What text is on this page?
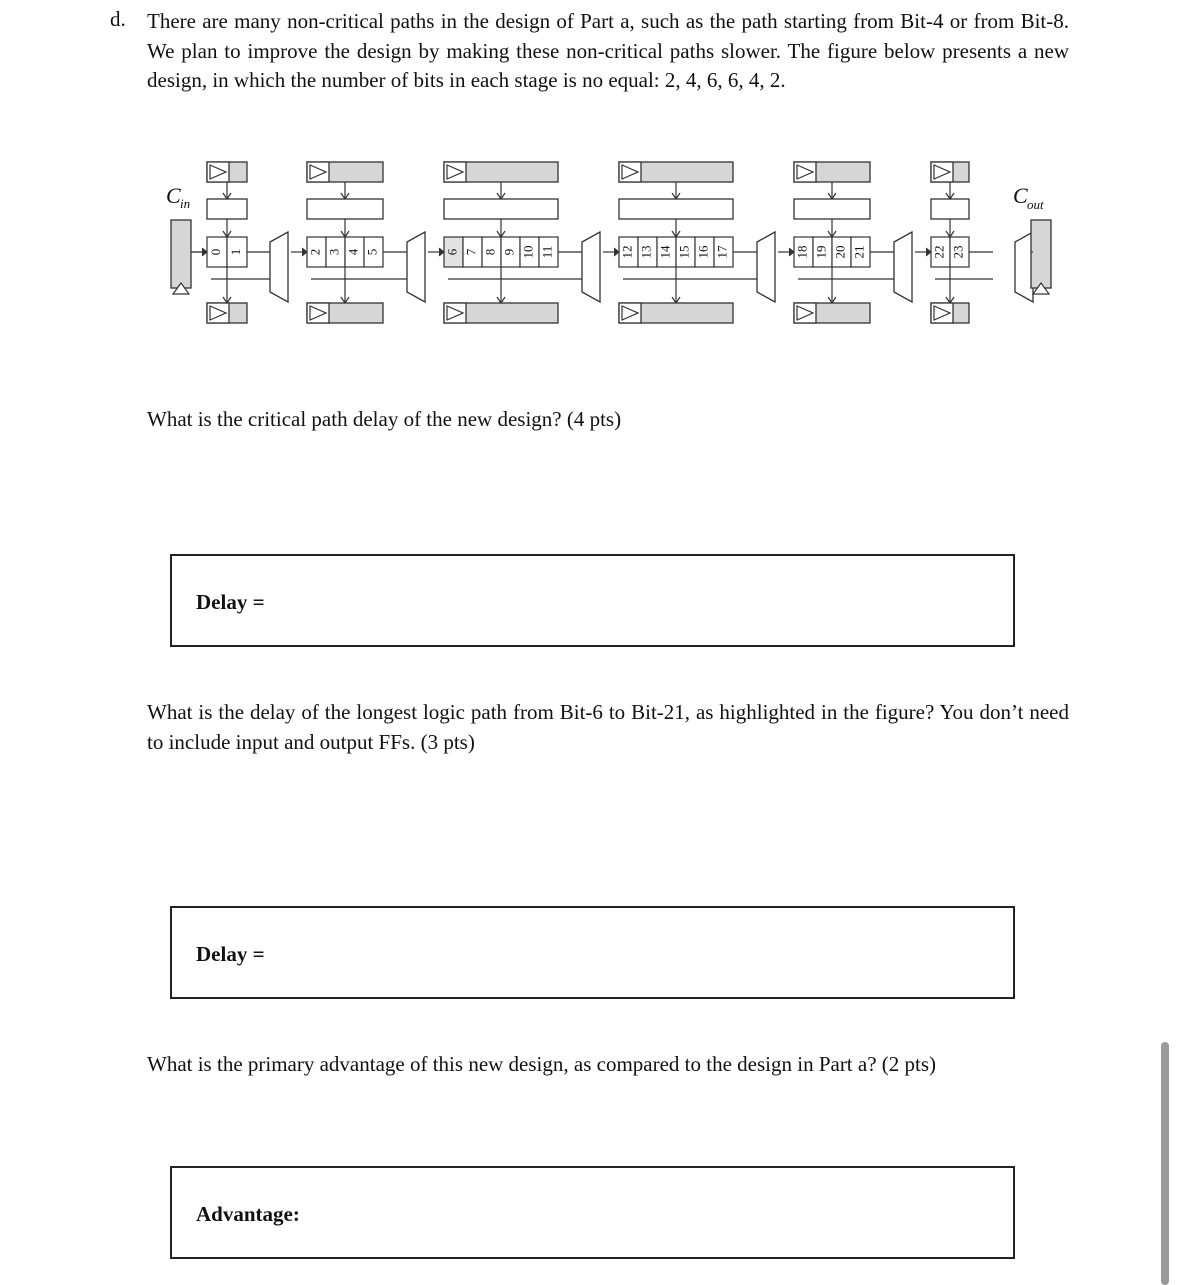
d. There are many non-critical paths in the design of Part a, such as the path starting from Bit-4 or from Bit-8. We plan to improve the design by making these non-critical paths slower. The figure below presents a new design, in which the number of bits in each stage is no equal: 2, 4, 6, 6, 4, 2.
0 1	2 3 4 5	6 7 8 9 10 11	12 13 14 15 16 17	18 19 20 21	22 23
C in	C out
What is the critical path delay of the new design? (4 pts)
Delay =
What is the delay of the longest logic path from Bit-6 to Bit-21, as highlighted in the figure? You don’t need to include input and output FFs. (3 pts)
Delay =
What is the primary advantage of this new design, as compared to the design in Part a? (2 pts)
Advantage:
